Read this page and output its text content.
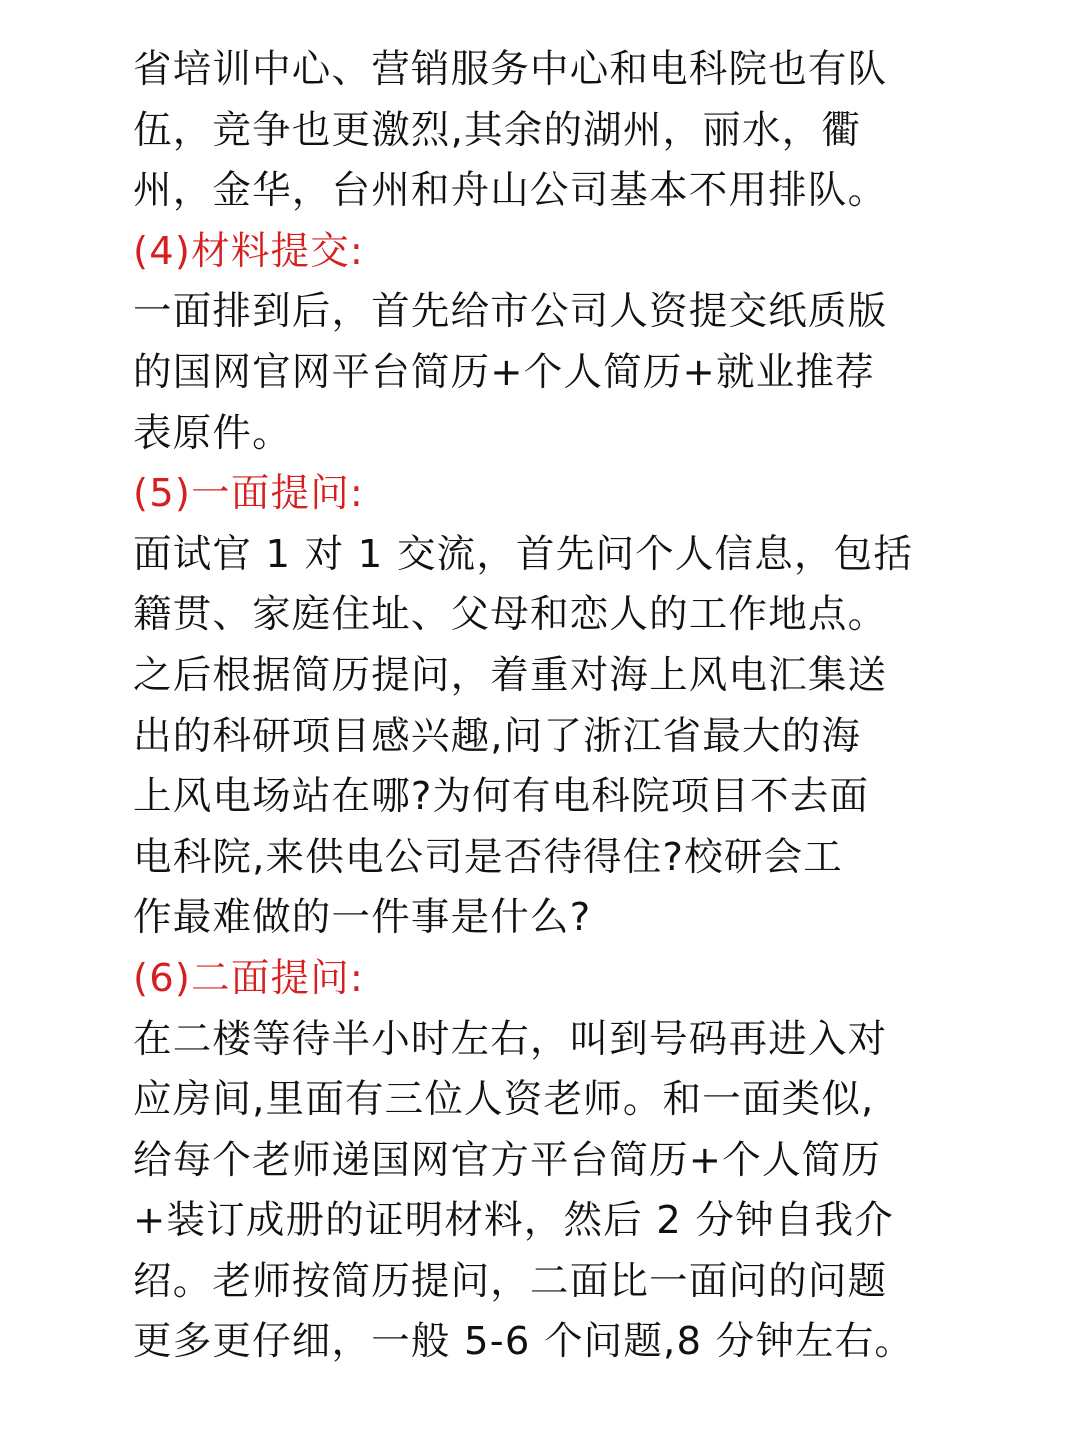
省培训中心、营销服务中心和电科院也有队
伍，竞争也更激烈,其余的湖州，丽水，衢
州，金华，台州和舟山公司基本不用排队。
(4)材料提交:
一面排到后，首先给市公司人资提交纸质版
的国网官网平台简历+个人简历+就业推荐
表原件。
(5)一面提问:
面试官 1 对 1 交流，首先问个人信息，包括
籍贯、家庭住址、父母和恋人的工作地点。
之后根据简历提问，着重对海上风电汇集送
出的科研项目感兴趣,问了浙江省最大的海
上风电场站在哪?为何有电科院项目不去面
电科院,来供电公司是否待得住?校研会工
作最难做的一件事是什么?
(6)二面提问:
在二楼等待半小时左右，叫到号码再进入对
应房间,里面有三位人资老师。和一面类似,
给每个老师递国网官方平台简历+个人简历
+装订成册的证明材料，然后 2 分钟自我介
绍。老师按简历提问，二面比一面问的问题
更多更仔细，一般 5-6 个问题,8 分钟左右。
